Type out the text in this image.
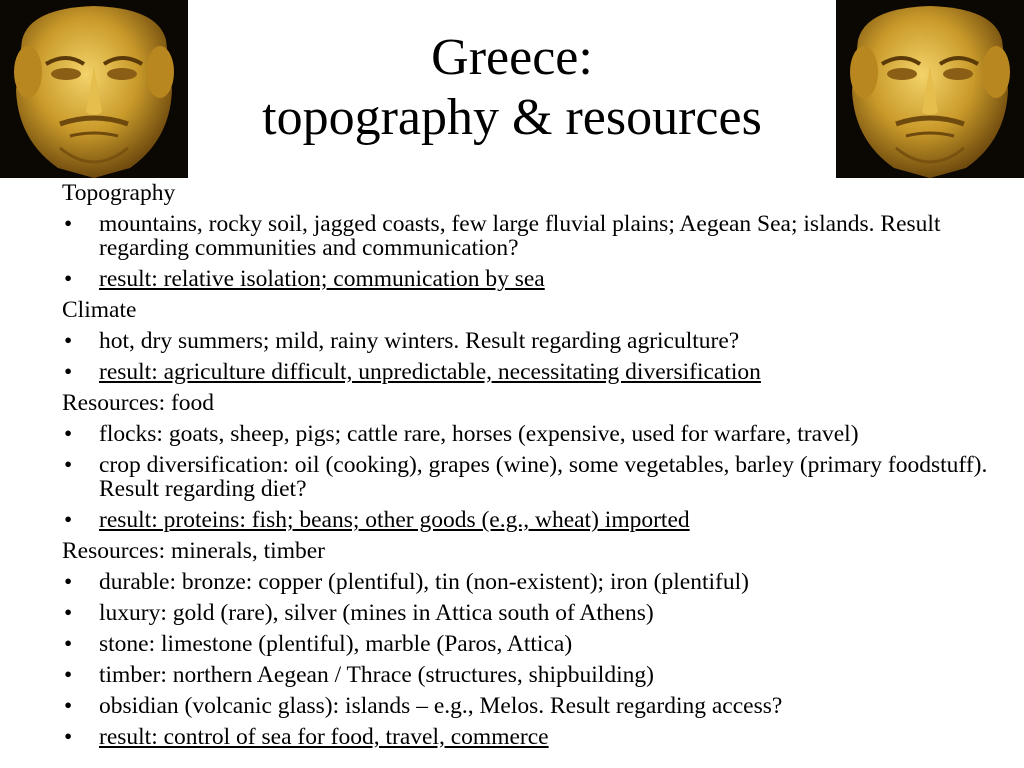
Greece:
topography & resources
Topography
• mountains, rocky soil, jagged coasts, few large fluvial plains; Aegean Sea; islands. Result regarding communities and communication?
• result: relative isolation; communication by sea
Climate
• hot, dry summers; mild, rainy winters. Result regarding agriculture?
• result: agriculture difficult, unpredictable, necessitating diversification
Resources: food
• flocks: goats, sheep, pigs; cattle rare, horses (expensive, used for warfare, travel)
• crop diversification: oil (cooking), grapes (wine), some vegetables, barley (primary foodstuff). Result regarding diet?
• result: proteins: fish; beans; other goods (e.g., wheat) imported
Resources: minerals, timber
• durable: bronze: copper (plentiful), tin (non-existent); iron (plentiful)
• luxury: gold (rare), silver (mines in Attica south of Athens)
• stone: limestone (plentiful), marble (Paros, Attica)
• timber: northern Aegean / Thrace (structures, shipbuilding)
• obsidian (volcanic glass): islands – e.g., Melos. Result regarding access?
• result: control of sea for food, travel, commerce
